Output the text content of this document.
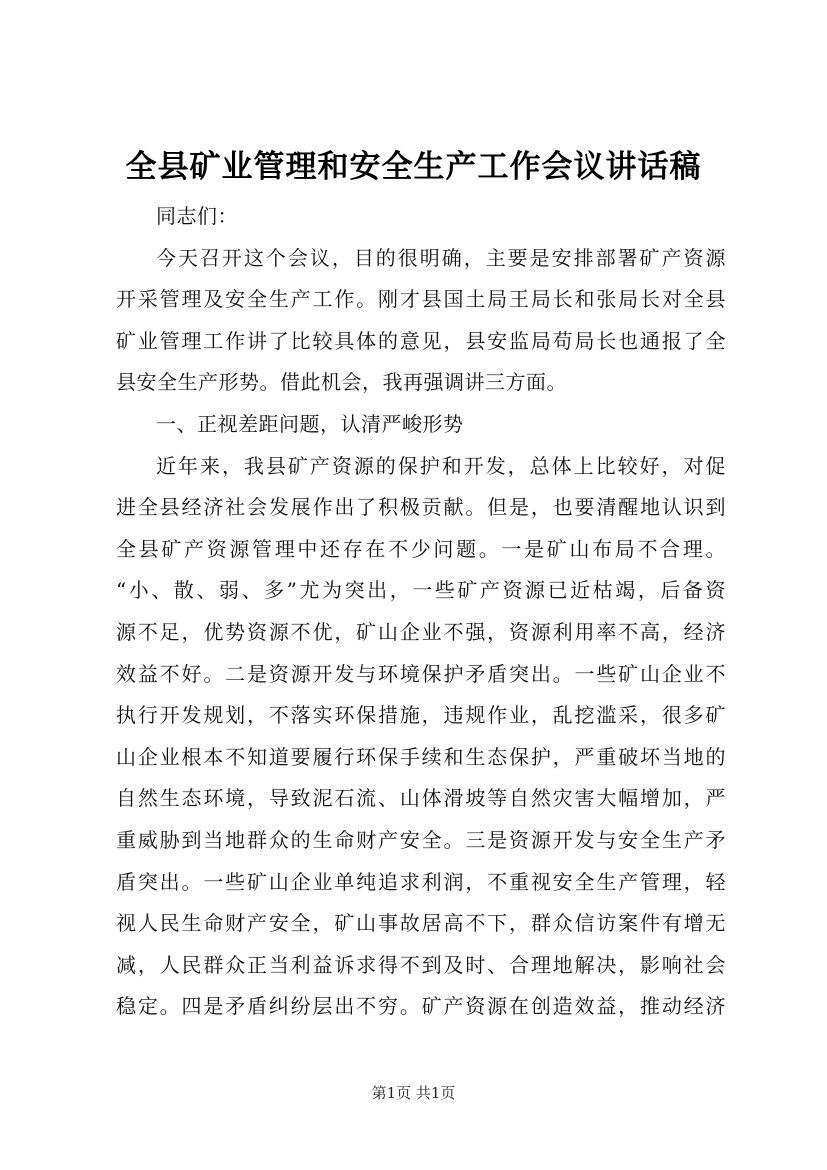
全县矿业管理和安全生产工作会议讲话稿
同志们：
今天召开这个会议，目的很明确，主要是安排部署矿产资源
开采管理及安全生产工作。刚才县国土局王局长和张局长对全县
矿业管理工作讲了比较具体的意见，县安监局苟局长也通报了全
县安全生产形势。借此机会，我再强调讲三方面。
一、正视差距问题，认清严峻形势
近年来，我县矿产资源的保护和开发，总体上比较好，对促
进全县经济社会发展作出了积极贡献。但是，也要清醒地认识到
全县矿产资源管理中还存在不少问题。一是矿山布局不合理。
“小、散、弱、多”尤为突出，一些矿产资源已近枯竭，后备资
源不足，优势资源不优，矿山企业不强，资源利用率不高，经济
效益不好。二是资源开发与环境保护矛盾突出。一些矿山企业不
执行开发规划，不落实环保措施，违规作业，乱挖滥采，很多矿
山企业根本不知道要履行环保手续和生态保护，严重破坏当地的
自然生态环境，导致泥石流、山体滑坡等自然灾害大幅增加，严
重威胁到当地群众的生命财产安全。三是资源开发与安全生产矛
盾突出。一些矿山企业单纯追求利润，不重视安全生产管理，轻
视人民生命财产安全，矿山事故居高不下，群众信访案件有增无
减，人民群众正当利益诉求得不到及时、合理地解决，影响社会
稳定。四是矛盾纠纷层出不穷。矿产资源在创造效益，推动经济
第1页 共1页
